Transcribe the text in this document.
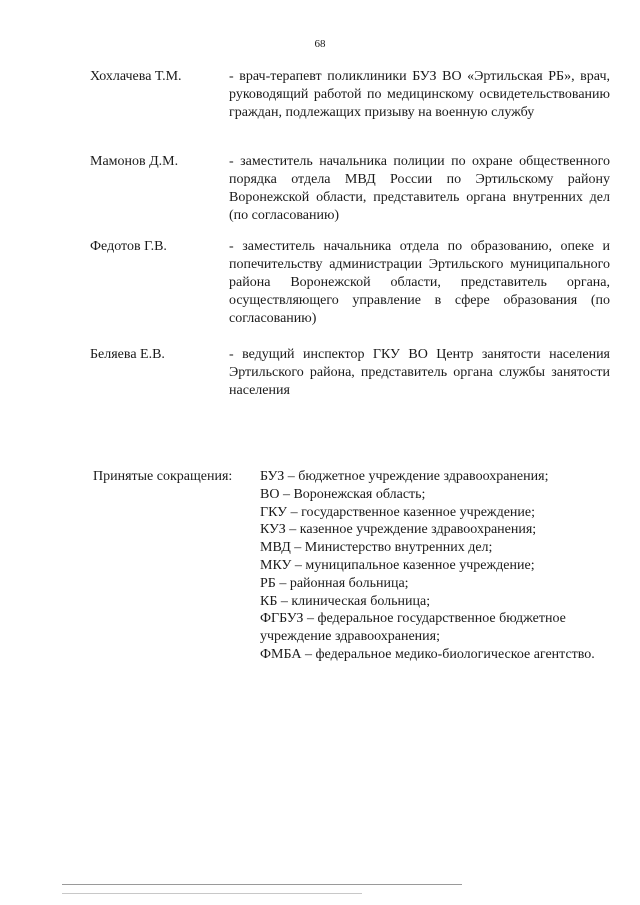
68
Хохлачева Т.М.	- врач-терапевт поликлиники БУЗ ВО «Эртильская РБ», врач, руководящий работой по медицинскому освидетельствованию граждан, подлежащих призыву на военную службу
Мамонов Д.М.	- заместитель начальника полиции по охране общественного порядка отдела МВД России по Эртильскому району Воронежской области, представитель органа внутренних дел (по согласованию)
Федотов Г.В.	- заместитель начальника отдела по образованию, опеке и попечительству администрации Эртильского муниципального района Воронежской области, представитель органа, осуществляющего управление в сфере образования (по согласованию)
Беляева Е.В.	- ведущий инспектор ГКУ ВО Центр занятости населения Эртильского района, представитель органа службы занятости населения
Принятые сокращения: БУЗ – бюджетное учреждение здравоохранения;
ВО – Воронежская область;
ГКУ – государственное казенное учреждение;
КУЗ – казенное учреждение здравоохранения;
МВД – Министерство внутренних дел;
МКУ – муниципальное казенное учреждение;
РБ – районная больница;
КБ – клиническая больница;
ФГБУЗ – федеральное государственное бюджетное учреждение здравоохранения;
ФМБА – федеральное медико-биологическое агентство.
